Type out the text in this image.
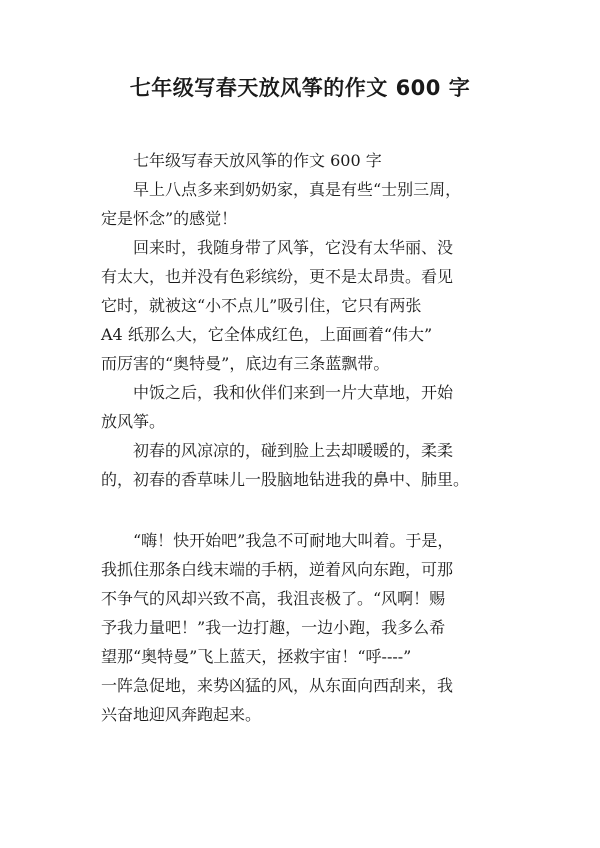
七年级写春天放风筝的作文 600 字
七年级写春天放风筝的作文 600 字
早上八点多来到奶奶家，真是有些“士别三周，
定是怀念”的感觉！
回来时，我随身带了风筝，它没有太华丽、没
有太大，也并没有色彩缤纷，更不是太昂贵。看见
它时，就被这“小不点儿”吸引住，它只有两张
A4 纸那么大，它全体成红色，上面画着“伟大”
而厉害的“奥特曼”，底边有三条蓝飘带。
中饭之后，我和伙伴们来到一片大草地，开始
放风筝。
初春的风凉凉的，碰到脸上去却暖暖的，柔柔
的，初春的香草味儿一股脑地钻进我的鼻中、肺里。
“嗨！快开始吧”我急不可耐地大叫着。于是，
我抓住那条白线末端的手柄，逆着风向东跑，可那
不争气的风却兴致不高，我沮丧极了。“风啊！赐
予我力量吧！”我一边打趣，一边小跑，我多么希
望那“奥特曼”飞上蓝天，拯救宇宙！“呼----”
一阵急促地，来势凶猛的风，从东面向西刮来，我
兴奋地迎风奔跑起来。
